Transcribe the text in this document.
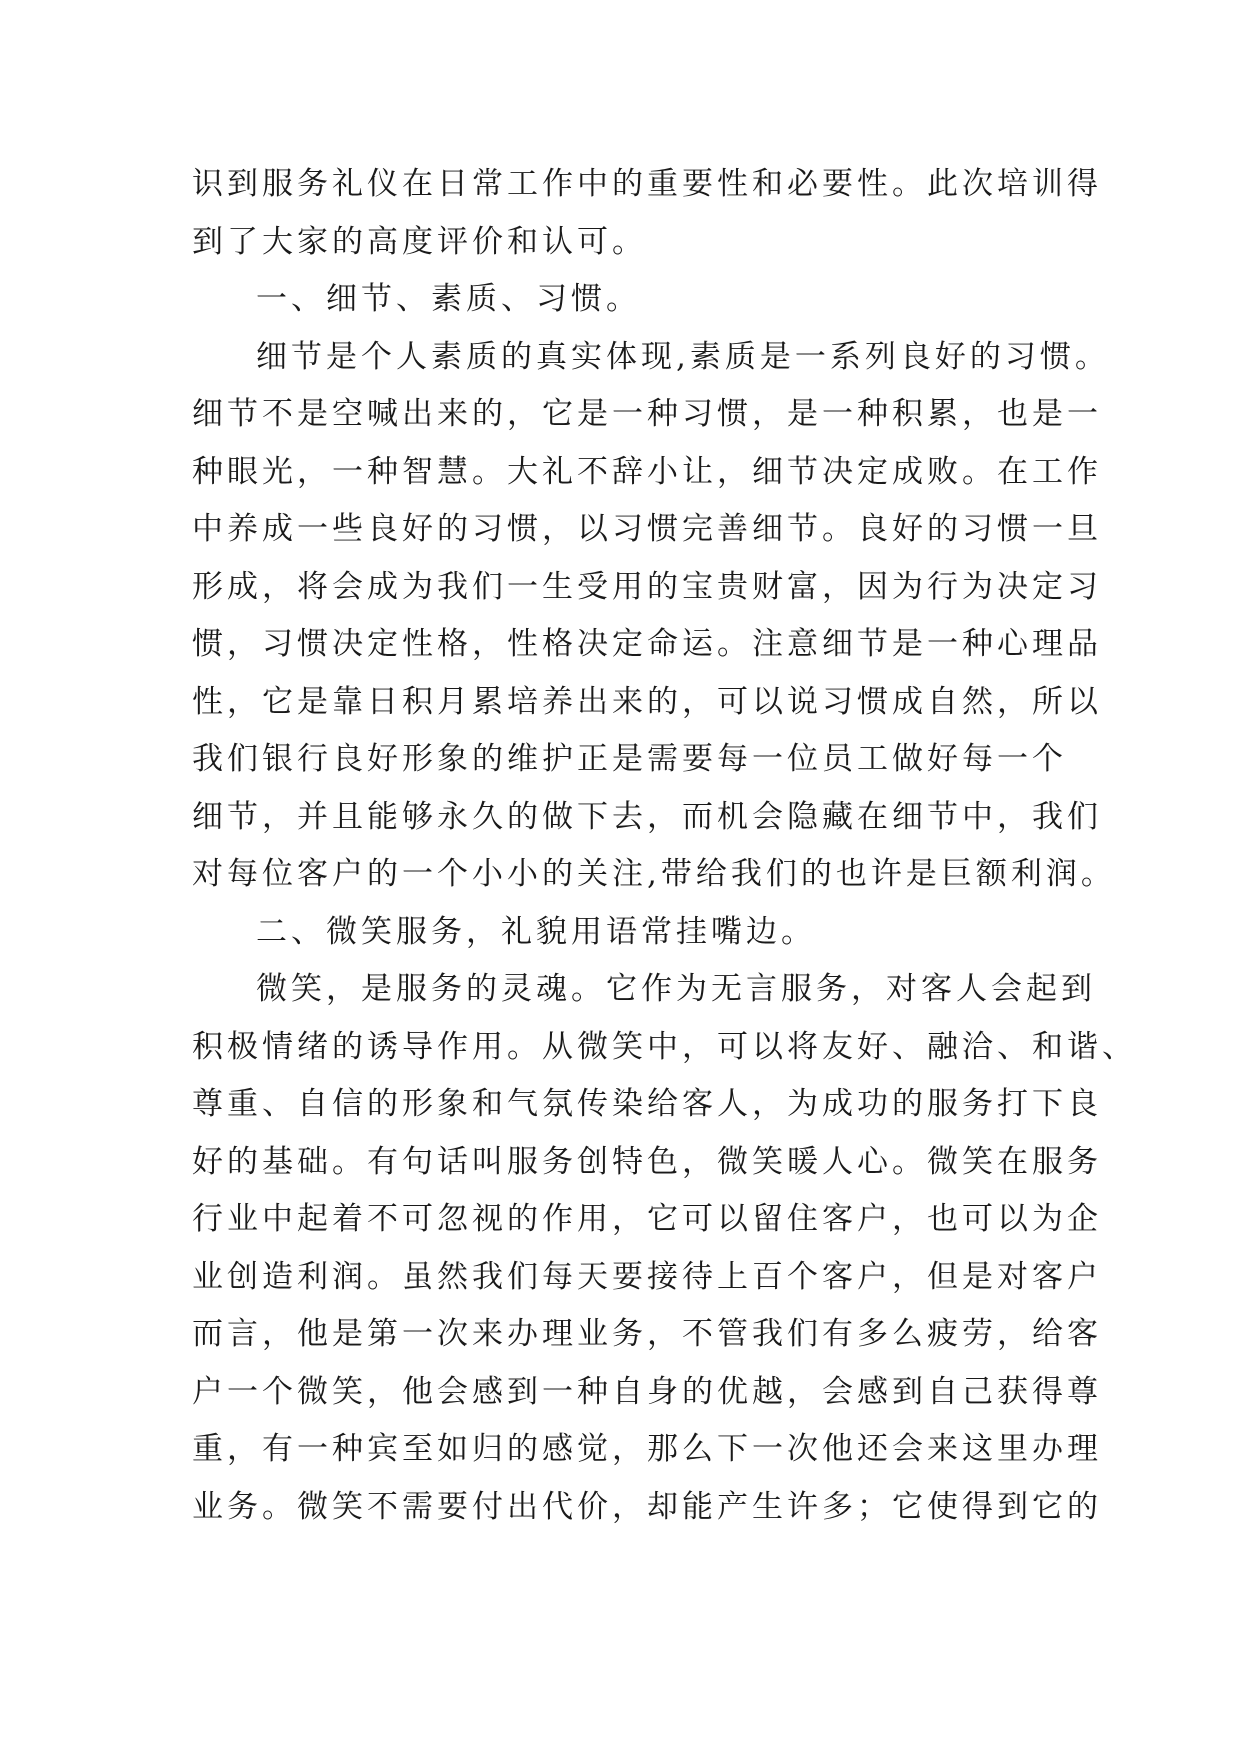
识到服务礼仪在日常工作中的重要性和必要性。此次培训得
到了大家的高度评价和认可。
一、细节、素质、习惯。
细节是个人素质的真实体现,素质是一系列良好的习惯。
细节不是空喊出来的，它是一种习惯，是一种积累，也是一
种眼光，一种智慧。大礼不辞小让，细节决定成败。在工作
中养成一些良好的习惯，以习惯完善细节。良好的习惯一旦
形成，将会成为我们一生受用的宝贵财富，因为行为决定习
惯，习惯决定性格，性格决定命运。注意细节是一种心理品
性，它是靠日积月累培养出来的，可以说习惯成自然，所以
我们银行良好形象的维护正是需要每一位员工做好每一个
细节，并且能够永久的做下去，而机会隐藏在细节中，我们
对每位客户的一个小小的关注,带给我们的也许是巨额利润。
二、微笑服务，礼貌用语常挂嘴边。
微笑，是服务的灵魂。它作为无言服务，对客人会起到
积极情绪的诱导作用。从微笑中，可以将友好、融洽、和谐、
尊重、自信的形象和气氛传染给客人，为成功的服务打下良
好的基础。有句话叫服务创特色，微笑暖人心。微笑在服务
行业中起着不可忽视的作用，它可以留住客户，也可以为企
业创造利润。虽然我们每天要接待上百个客户，但是对客户
而言，他是第一次来办理业务，不管我们有多么疲劳，给客
户一个微笑，他会感到一种自身的优越，会感到自己获得尊
重，有一种宾至如归的感觉，那么下一次他还会来这里办理
业务。微笑不需要付出代价，却能产生许多；它使得到它的
